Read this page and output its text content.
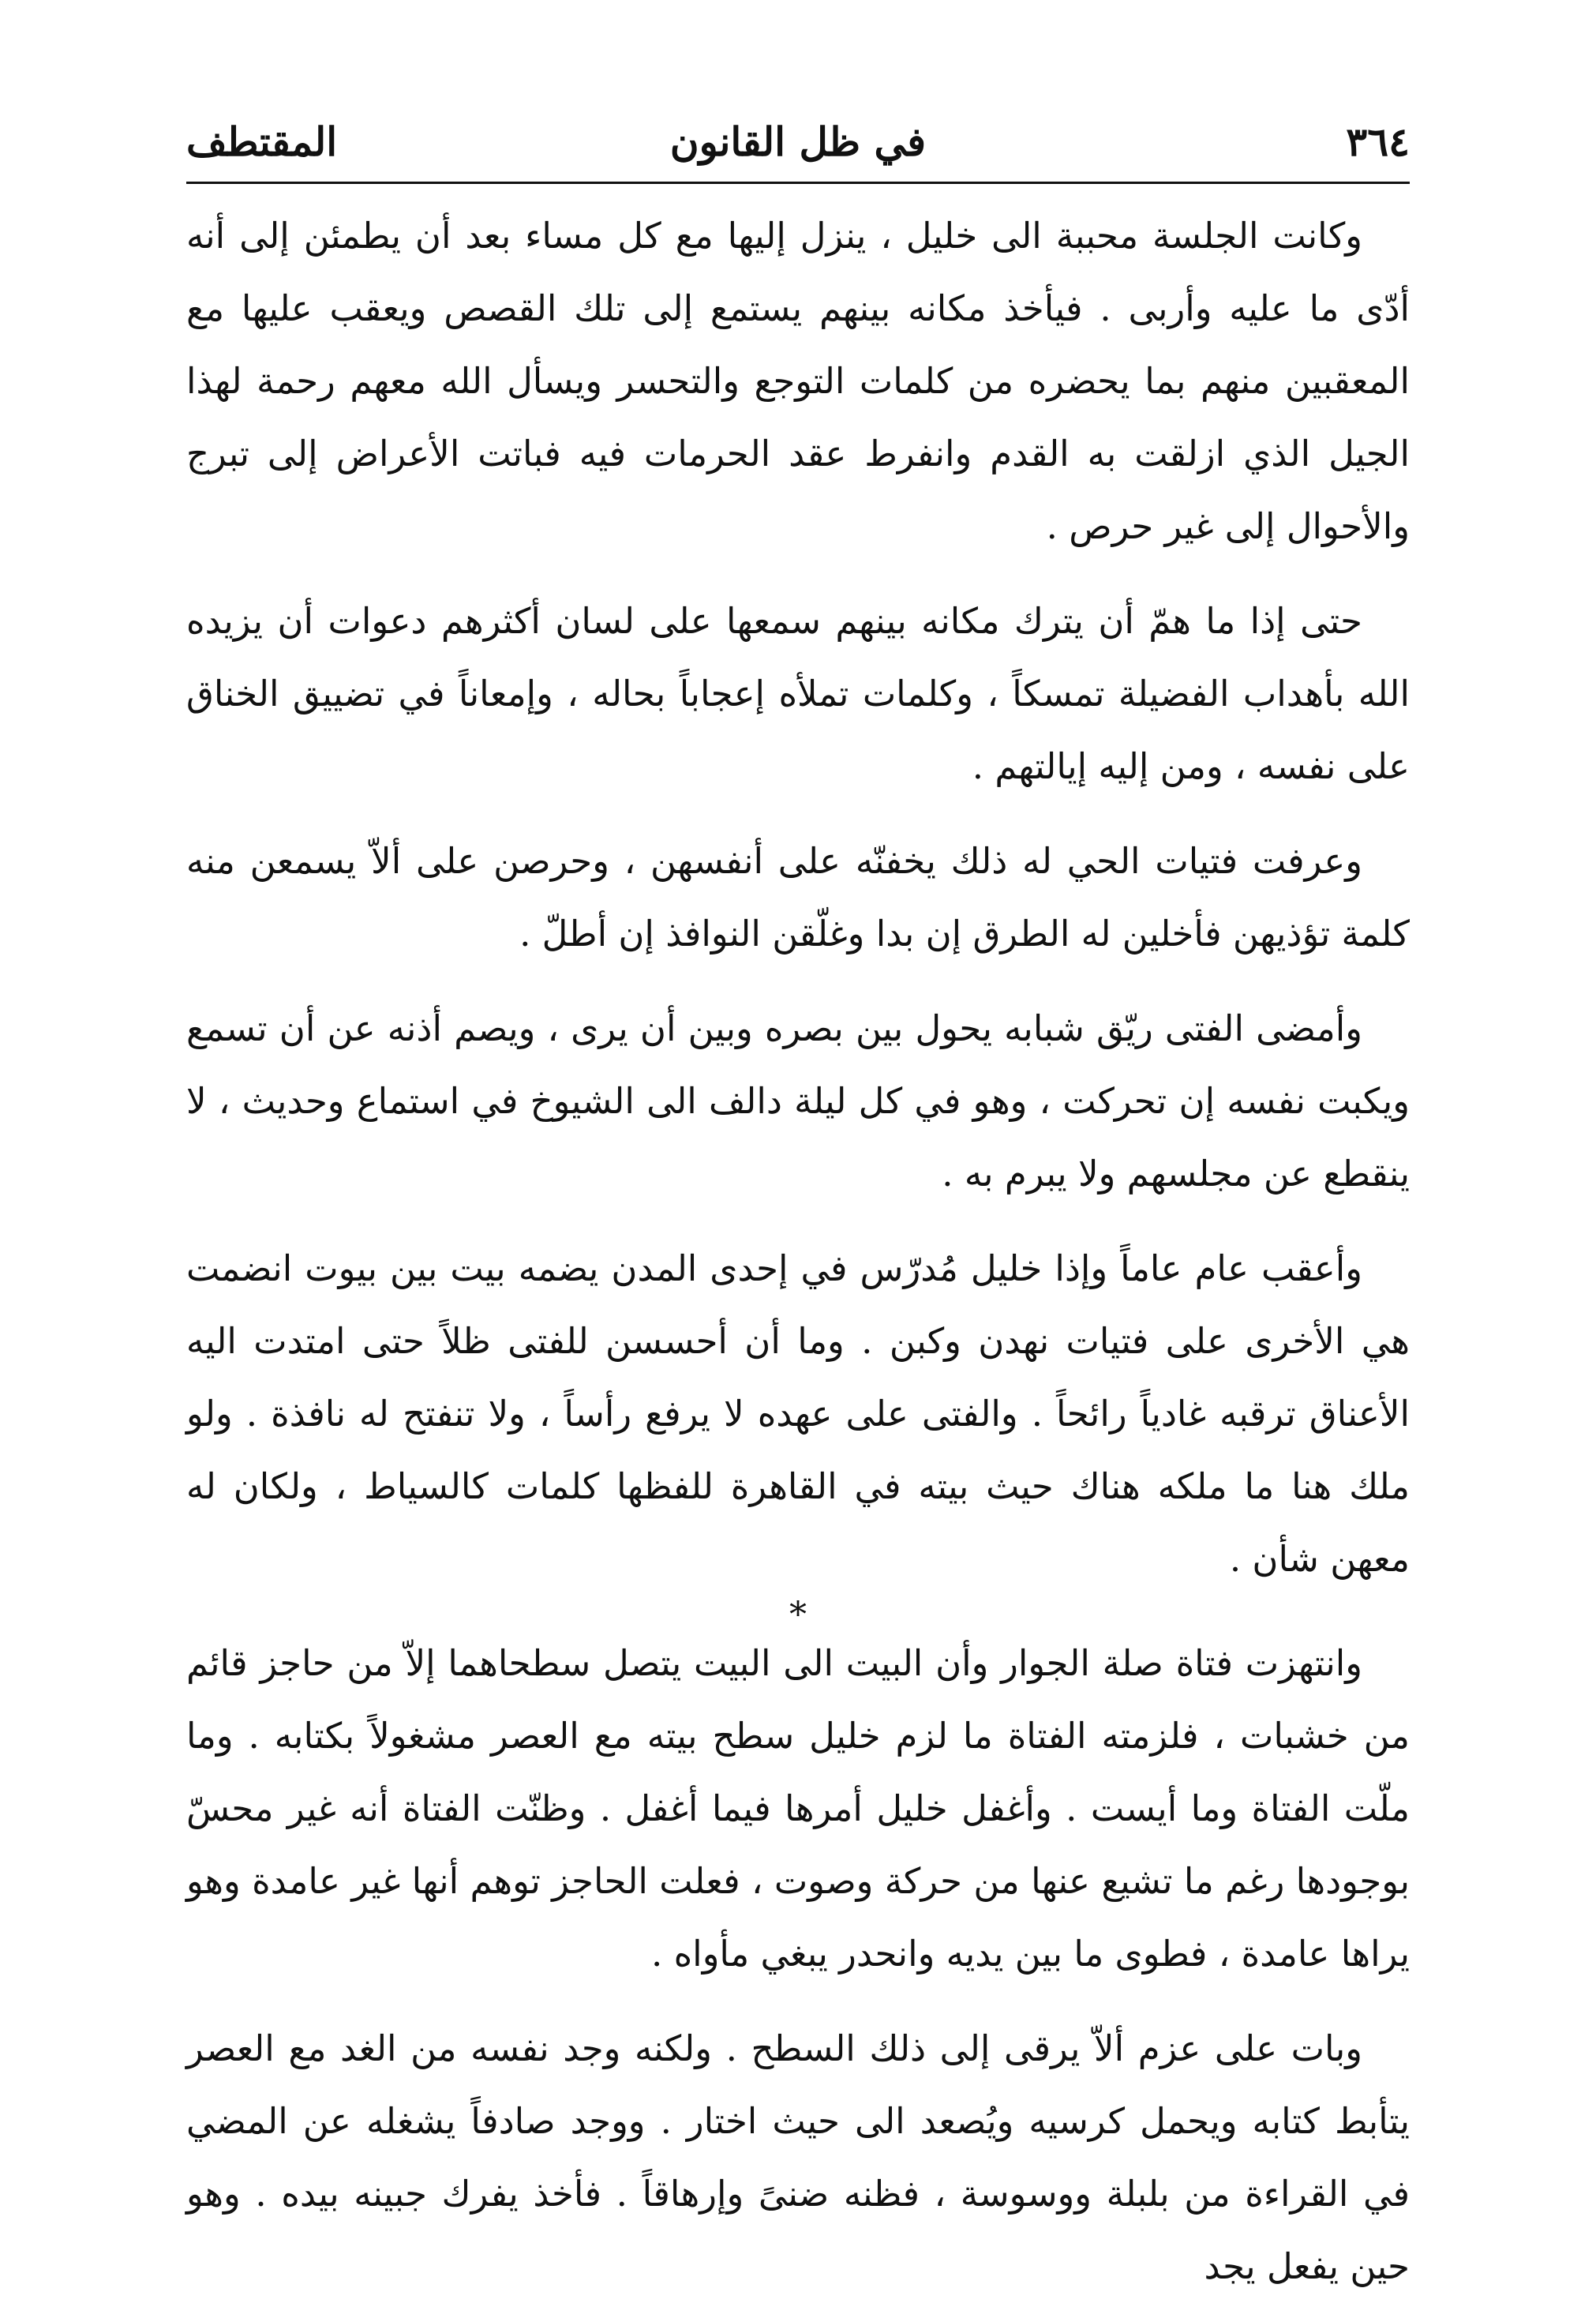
٣٦٤
في ظل القانون
المقتطف

وكانت الجلسة محببة الى خليل ، ينزل إليها مع كل مساء بعد أن يطمئن إلى أنه أدّى ما عليه وأربى . فيأخذ مكانه بينهم يستمع إلى تلك القصص ويعقب عليها مع المعقبين منهم بما يحضره من كلمات التوجع والتحسر ويسأل الله معهم رحمة لهذا الجيل الذي ازلقت به القدم وانفرط عقد الحرمات فيه فباتت الأعراض إلى تبرج والأحوال إلى غير حرص .

حتى إذا ما همّ أن يترك مكانه بينهم سمعها على لسان أكثرهم دعوات أن يزيده الله بأهداب الفضيلة تمسكاً ، وكلمات تملأه إعجاباً بحاله ، وإمعاناً في تضييق الخناق على نفسه ، ومن إليه إيالتهم .

وعرفت فتيات الحي له ذلك يخفنّه على أنفسهن ، وحرصن على ألاّ يسمعن منه كلمة تؤذيهن فأخلين له الطرق إن بدا وغلّقن النوافذ إن أطلّ .

وأمضى الفتى ريّق شبابه يحول بين بصره وبين أن يرى ، ويصم أذنه عن أن تسمع ويكبت نفسه إن تحركت ، وهو في كل ليلة دالف الى الشيوخ في استماع وحديث ، لا ينقطع عن مجلسهم ولا يبرم به .

وأعقب عام عاماً وإذا خليل مُدرّس في إحدى المدن يضمه بيت بين بيوت انضمت هي الأخرى على فتيات نهدن وكبن . وما أن أحسسن للفتى ظلاً حتى امتدت اليه الأعناق ترقبه غادياً رائحاً . والفتى على عهده لا يرفع رأساً ، ولا تنفتح له نافذة . ولو ملك هنا ما ملكه هناك حيث بيته في القاهرة للفظها كلمات كالسياط ، ولكان له معهن شأن .

*

وانتهزت فتاة صلة الجوار وأن البيت الى البيت يتصل سطحاهما إلاّ من حاجز قائم من خشبات ، فلزمته الفتاة ما لزم خليل سطح بيته مع العصر مشغولاً بكتابه . وما ملّت الفتاة وما أيست . وأغفل خليل أمرها فيما أغفل . وظنّت الفتاة أنه غير محسّ بوجودها رغم ما تشيع عنها من حركة وصوت ، فعلت الحاجز توهم أنها غير عامدة وهو يراها عامدة ، فطوى ما بين يديه وانحدر يبغي مأواه .

وبات على عزم ألاّ يرقى إلى ذلك السطح . ولكنه وجد نفسه من الغد مع العصر يتأبط كتابه ويحمل كرسيه ويُصعد الى حيث اختار . ووجد صادفاً يشغله عن المضي في القراءة من بلبلة ووسوسة ، فظنه ضنىً وإرهاقاً . فأخذ يفرك جبينه بيده . وهو حين يفعل يجد
